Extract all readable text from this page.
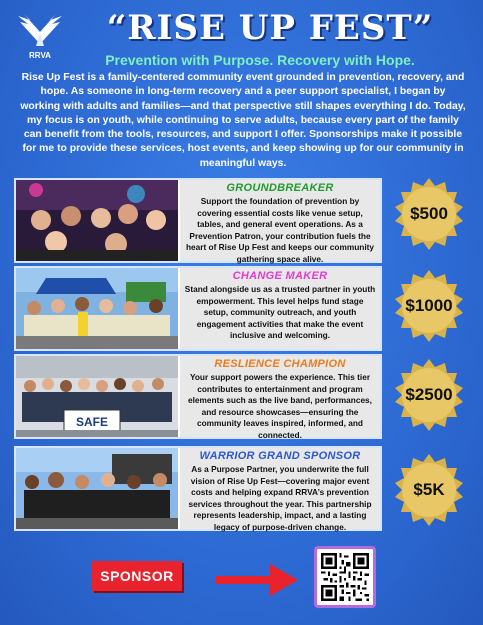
RRVA
“RISE UP FEST”
Prevention with Purpose. Recovery with Hope.

Rise Up Fest is a family-centered community event grounded in prevention, recovery, and hope. As someone in long-term recovery and a peer support specialist, I began by working with adults and families—and that perspective still shapes everything I do. Today, my focus is on youth, while continuing to serve adults, because every part of the family can benefit from the tools, resources, and support I offer. Sponsorships make it possible for me to provide these services, host events, and keep showing up for our community in meaningful ways.

GROUNDBREAKER
Support the foundation of prevention by covering essential costs like venue setup, tables, and general event operations. As a Prevention Patron, your contribution fuels the heart of Rise Up Fest and keeps our community gathering space alive.
CHANGE MAKER
Stand alongside us as a trusted partner in youth empowerment. This level helps fund stage setup, community outreach, and youth engagement activities that make the event inclusive and welcoming.
SAFE
RESLIENCE CHAMPION
Your support powers the experience. This tier contributes to entertainment and program elements such as the live band, performances, and resource showcases—ensuring the community leaves inspired, informed, and connected.
WARRIOR GRAND SPONSOR
As a Purpose Partner, you underwrite the full vision of Rise Up Fest—covering major event costs and helping expand RRVA’s prevention services throughout the year. This partnership represents leadership, impact, and a lasting legacy of purpose-driven change.
$500
$1000
$2500
$5K
SPONSOR
